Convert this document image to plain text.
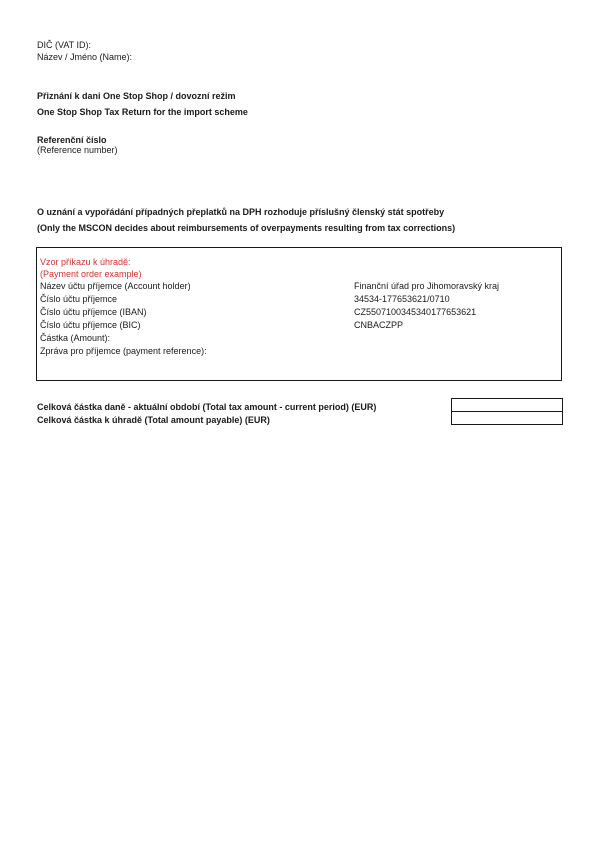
DIČ (VAT ID):
Název / Jméno (Name):
Přiznání k dani One Stop Shop / dovozní režim
One Stop Shop Tax Return for the import scheme
Referenční číslo
(Reference number)
O uznání a vypořádání případných přeplatků na DPH rozhoduje příslušný členský stát spotřeby
(Only the MSCON decides about reimbursements of overpayments resulting from tax corrections)
Vzor příkazu k úhradě:
(Payment order example)
Název účtu příjemce (Account holder)	Finanční úřad pro Jihomoravský kraj
Číslo účtu příjemce	34534-177653621/0710
Číslo účtu příjemce (IBAN)	CZ5507100345340177653621
Číslo účtu příjemce (BIC)	CNBACZPP
Částka (Amount):
Zpráva pro příjemce (payment reference):
Celková částka daně - aktuální období (Total tax amount - current period) (EUR)
Celková částka k úhradě (Total amount payable) (EUR)
